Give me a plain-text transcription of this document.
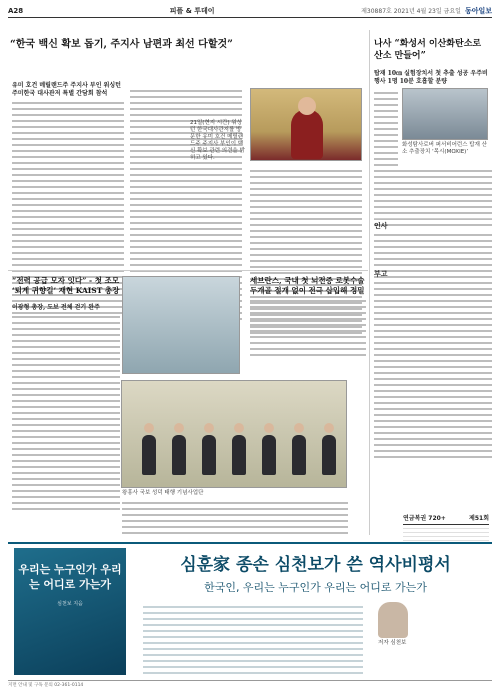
A28	피플 & 투데이	제30887호 2021년 4월 23일 금요일 동아일보
“한국 백신 확보 돕기, 주지사 남편과 최선 다할것”
유미 호건 메릴랜드주 주지사 부인 워싱턴 주미한국 대사관저 특별 간담회 참석
21일(현지 시간) 워싱턴 한국대사관저를 방문한 유미 호건 메릴랜드주 주지사 부인이 백신 확보 관련 의견을 밝히고 있다.
나사 “화성서 이산화탄소로 산소 만들어”
탑재 10㎝ 실험장치서 첫 추출 성공 우주비행사 1명 10분 호흡할 분량
화성탐사로버 퍼서비어런스 탑재 산소 추출장치 ‘목시(MOXIE)’
인사
부고
연금복권 720+	제51회
“전력 공급 모자 잇다” - 첫 조모 ‘퇴계 귀향길’ 재현 KAIST 총장
이광형 총장, 도보 전체 걷기 완주
세브란스, 국내 첫 뇌전증 로봇수술 두개골 절개 없이 전극 삽입해 정밀
왕흥사 국보 성덕 태행 기념사업단
우리는 누구인가 우리는 어디로 가는가
심천보 지음
심훈家 종손 심천보가 쓴 역사비평서
한국인, 우리는 누구인가 우리는 어디로 가는가
저자 심천보
지면 안내 및 구독 문의 02-361-0114
